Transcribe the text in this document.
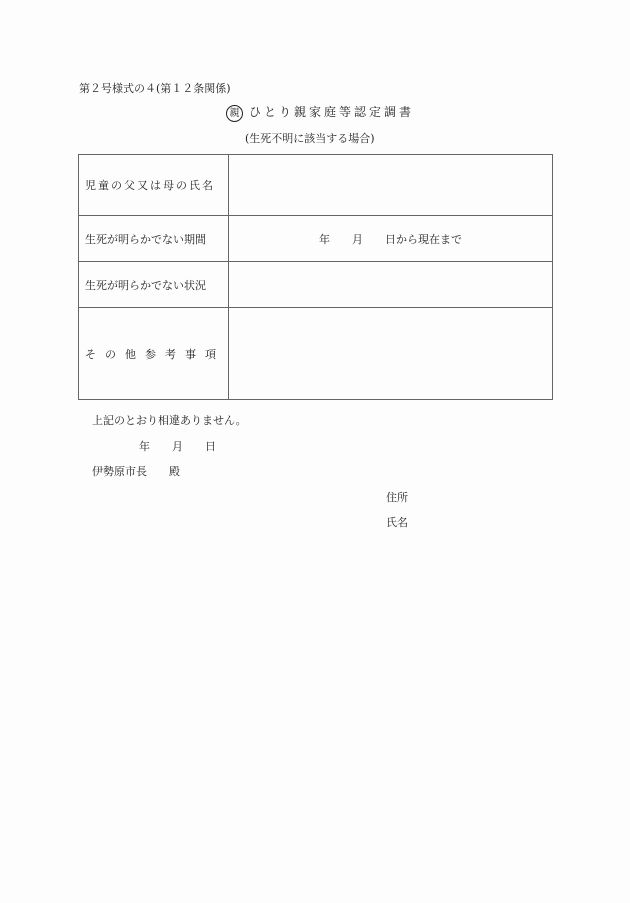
第２号様式の４(第１２条関係)
親 ひとり親家庭等認定調書
(生死不明に該当する場合)
児童の父又は母の氏名	
生死が明らかでない期間	年　　月　　日から現在まで
生死が明らかでない状況	
その他参考事項	
上記のとおり相違ありません。
年　　月　　日
伊勢原市長　　殿
住所
氏名
